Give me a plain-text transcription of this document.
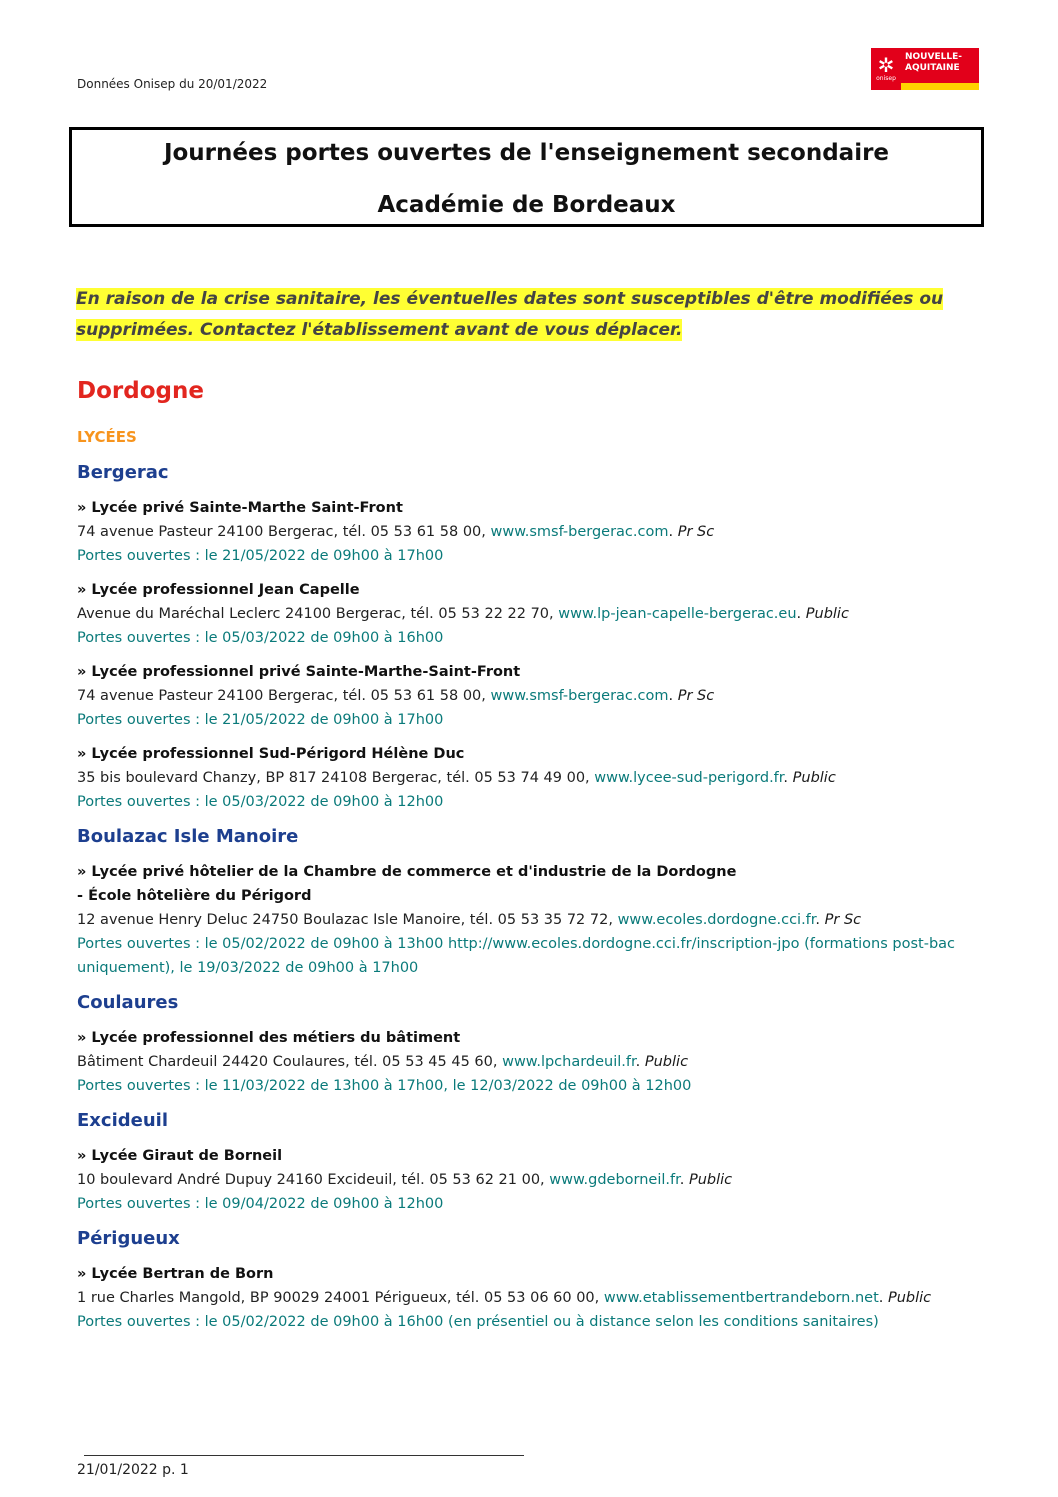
Données Onisep du 20/01/2022
✲
onisep
NOUVELLE-
AQUITAINE
Journées portes ouvertes de l'enseignement secondaire
Académie de Bordeaux
En raison de la crise sanitaire, les éventuelles dates sont susceptibles d'être modifiées ou
supprimées. Contactez l'établissement avant de vous déplacer.
Dordogne
LYCÉES
Bergerac
» Lycée privé Sainte-Marthe Saint-Front
74 avenue Pasteur 24100 Bergerac, tél. 05 53 61 58 00, www.smsf-bergerac.com. Pr Sc
Portes ouvertes : le 21/05/2022 de 09h00 à 17h00
» Lycée professionnel Jean Capelle
Avenue du Maréchal Leclerc 24100 Bergerac, tél. 05 53 22 22 70, www.lp-jean-capelle-bergerac.eu. Public
Portes ouvertes : le 05/03/2022 de 09h00 à 16h00
» Lycée professionnel privé Sainte-Marthe-Saint-Front
74 avenue Pasteur 24100 Bergerac, tél. 05 53 61 58 00, www.smsf-bergerac.com. Pr Sc
Portes ouvertes : le 21/05/2022 de 09h00 à 17h00
» Lycée professionnel Sud-Périgord Hélène Duc
35 bis boulevard Chanzy, BP 817 24108 Bergerac, tél. 05 53 74 49 00, www.lycee-sud-perigord.fr. Public
Portes ouvertes : le 05/03/2022 de 09h00 à 12h00
Boulazac Isle Manoire
» Lycée privé hôtelier de la Chambre de commerce et d'industrie de la Dordogne
- École hôtelière du Périgord
12 avenue Henry Deluc 24750 Boulazac Isle Manoire, tél. 05 53 35 72 72, www.ecoles.dordogne.cci.fr. Pr Sc
Portes ouvertes : le 05/02/2022 de 09h00 à 13h00 http://www.ecoles.dordogne.cci.fr/inscription-jpo (formations post-bac uniquement), le 19/03/2022 de 09h00 à 17h00
Coulaures
» Lycée professionnel des métiers du bâtiment
Bâtiment Chardeuil 24420 Coulaures, tél. 05 53 45 45 60, www.lpchardeuil.fr. Public
Portes ouvertes : le 11/03/2022 de 13h00 à 17h00, le 12/03/2022 de 09h00 à 12h00
Excideuil
» Lycée Giraut de Borneil
10 boulevard André Dupuy 24160 Excideuil, tél. 05 53 62 21 00, www.gdeborneil.fr. Public
Portes ouvertes : le 09/04/2022 de 09h00 à 12h00
Périgueux
» Lycée Bertran de Born
1 rue Charles Mangold, BP 90029 24001 Périgueux, tél. 05 53 06 60 00, www.etablissementbertrandeborn.net. Public
Portes ouvertes : le 05/02/2022 de 09h00 à 16h00 (en présentiel ou à distance selon les conditions sanitaires)
21/01/2022 p. 1
